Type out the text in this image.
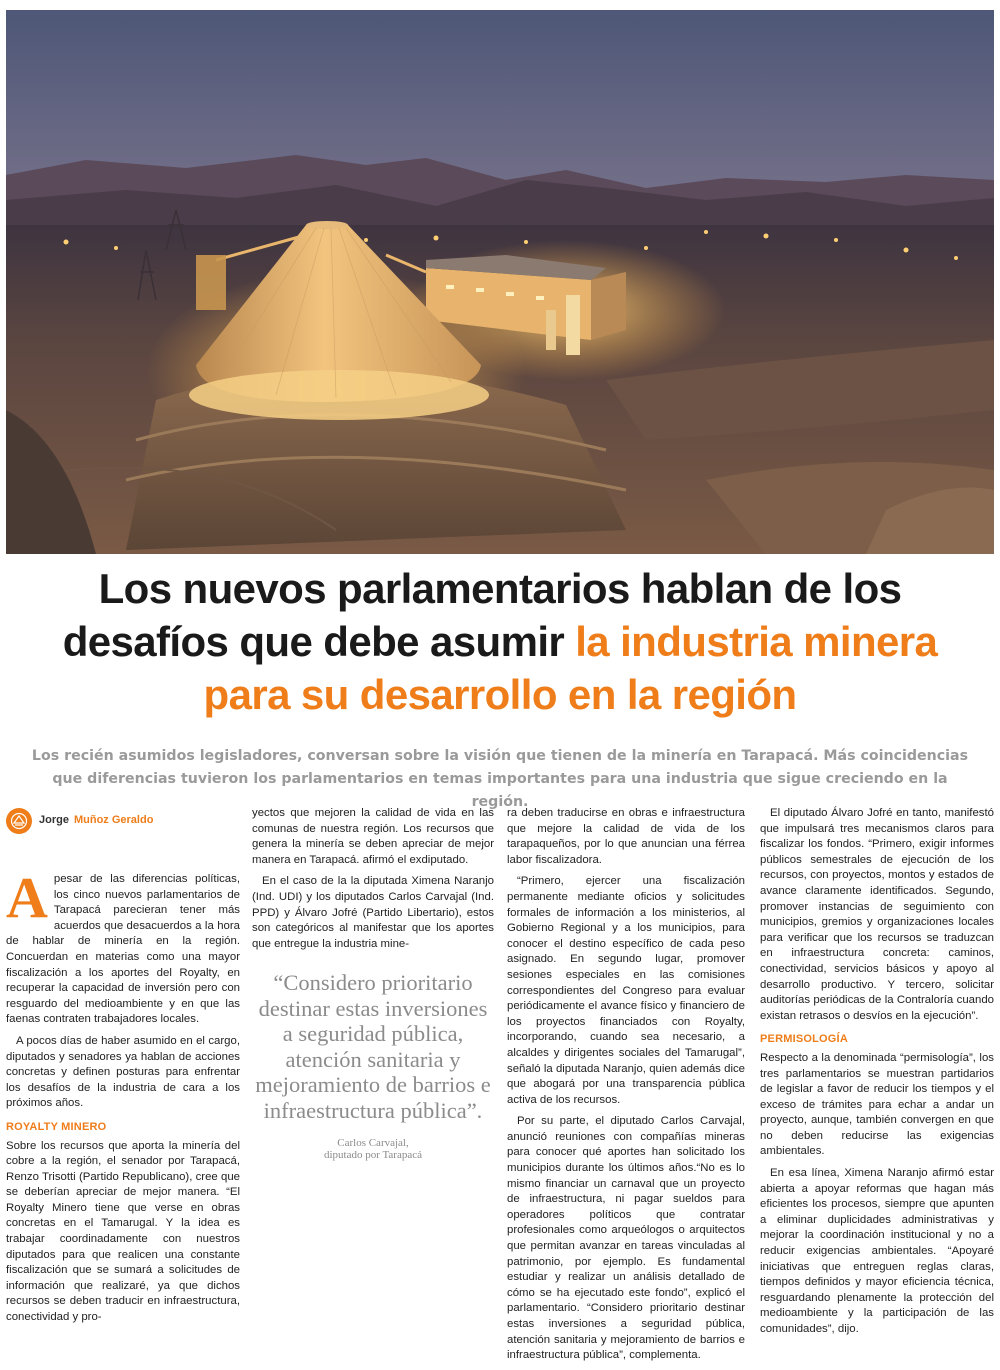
Los nuevos parlamentarios hablan de los desafíos que debe asumir la industria minera para su desarrollo en la región
Los recién asumidos legisladores, conversan sobre la visión que tienen de la minería en Tarapacá. Más coincidencias que diferencias tuvieron los parlamentarios en temas importantes para una industria que sigue creciendo en la región.
Jorge Muñoz Geraldo

Apesar de las diferencias políticas, los cinco nuevos parlamentarios de Tarapacá parecieran tener más acuerdos que desacuerdos a la hora de hablar de minería en la región. Concuerdan en materias como una mayor fiscalización a los aportes del Royalty, en recuperar la capacidad de inversión pero con resguardo del medioambiente y en que las faenas contraten trabajadores locales.

A pocos días de haber asumido en el cargo, diputados y senadores ya hablan de acciones concretas y definen posturas para enfrentar los desafíos de la industria de cara a los próximos años.

ROYALTY MINERO

Sobre los recursos que aporta la minería del cobre a la región, el senador por Tarapacá, Renzo Trisotti (Partido Republicano), cree que se deberían apreciar de mejor manera. “El Royalty Minero tiene que verse en obras concretas en el Tamarugal. Y la idea es trabajar coordinadamente con nuestros diputados para que realicen una constante fiscalización que se sumará a solicitudes de información que realizaré, ya que dichos recursos se deben traducir en infraestructura, conectividad y pro-

yectos que mejoren la calidad de vida en las comunas de nuestra región. Los recursos que genera la minería se deben apreciar de mejor manera en Tarapacá. afirmó el exdiputado.

En el caso de la la diputada Ximena Naranjo (Ind. UDI) y los diputados Carlos Carvajal (Ind. PPD) y Álvaro Jofré (Partido Libertario), estos son categóricos al manifestar que los aportes que entregue la industria mine-

“Considero prioritario destinar estas inversiones a seguridad pública, atención sanitaria y mejoramiento de barrios e infraestructura pública”.
Carlos Carvajal,
diputado por Tarapacá

ra deben traducirse en obras e infraestructura que mejore la calidad de vida de los tarapaqueños, por lo que anuncian una férrea labor fiscalizadora.

“Primero, ejercer una fiscalización permanente mediante oficios y solicitudes formales de información a los ministerios, al Gobierno Regional y a los municipios, para conocer el destino específico de cada peso asignado. En segundo lugar, promover sesiones especiales en las comisiones correspondientes del Congreso para evaluar periódicamente el avance físico y financiero de los proyectos financiados con Royalty, incorporando, cuando sea necesario, a alcaldes y dirigentes sociales del Tamarugal”, señaló la diputada Naranjo, quien además dice que abogará por una transparencia pública activa de los recursos.

Por su parte, el diputado Carlos Carvajal, anunció reuniones con compañías mineras para conocer qué aportes han solicitado los municipios durante los últimos años.“No es lo mismo financiar un carnaval que un proyecto de infraestructura, ni pagar sueldos para operadores políticos que contratar profesionales como arqueólogos o arquitectos que permitan avanzar en tareas vinculadas al patrimonio, por ejemplo. Es fundamental estudiar y realizar un análisis detallado de cómo se ha ejecutado este fondo”, explicó el parlamentario. “Considero prioritario destinar estas inversiones a seguridad pública, atención sanitaria y mejoramiento de barrios e infraestructura pública”, complementa.

El diputado Álvaro Jofré en tanto, manifestó que impulsará tres mecanismos claros para fiscalizar los fondos. “Primero, exigir informes públicos semestrales de ejecución de los recursos, con proyectos, montos y estados de avance claramente identificados. Segundo, promover instancias de seguimiento con municipios, gremios y organizaciones locales para verificar que los recursos se traduzcan en infraestructura concreta: caminos, conectividad, servicios básicos y apoyo al desarrollo productivo. Y tercero, solicitar auditorías periódicas de la Contraloría cuando existan retrasos o desvíos en la ejecución”.

PERMISOLOGÍA

Respecto a la denominada “permisología”, los tres parlamentarios se muestran partidarios de legislar a favor de reducir los tiempos y el exceso de trámites para echar a andar un proyecto, aunque, también convergen en que no deben reducirse las exigencias ambientales.

En esa línea, Ximena Naranjo afirmó estar abierta a apoyar reformas que hagan más eficientes los procesos, siempre que apunten a eliminar duplicidades administrativas y mejorar la coordinación institucional y no a reducir exigencias ambientales. “Apoyaré iniciativas que entreguen reglas claras, tiempos definidos y mayor eficiencia técnica, resguardando plenamente la protección del medioambiente y la participación de las comunidades”, dijo.
